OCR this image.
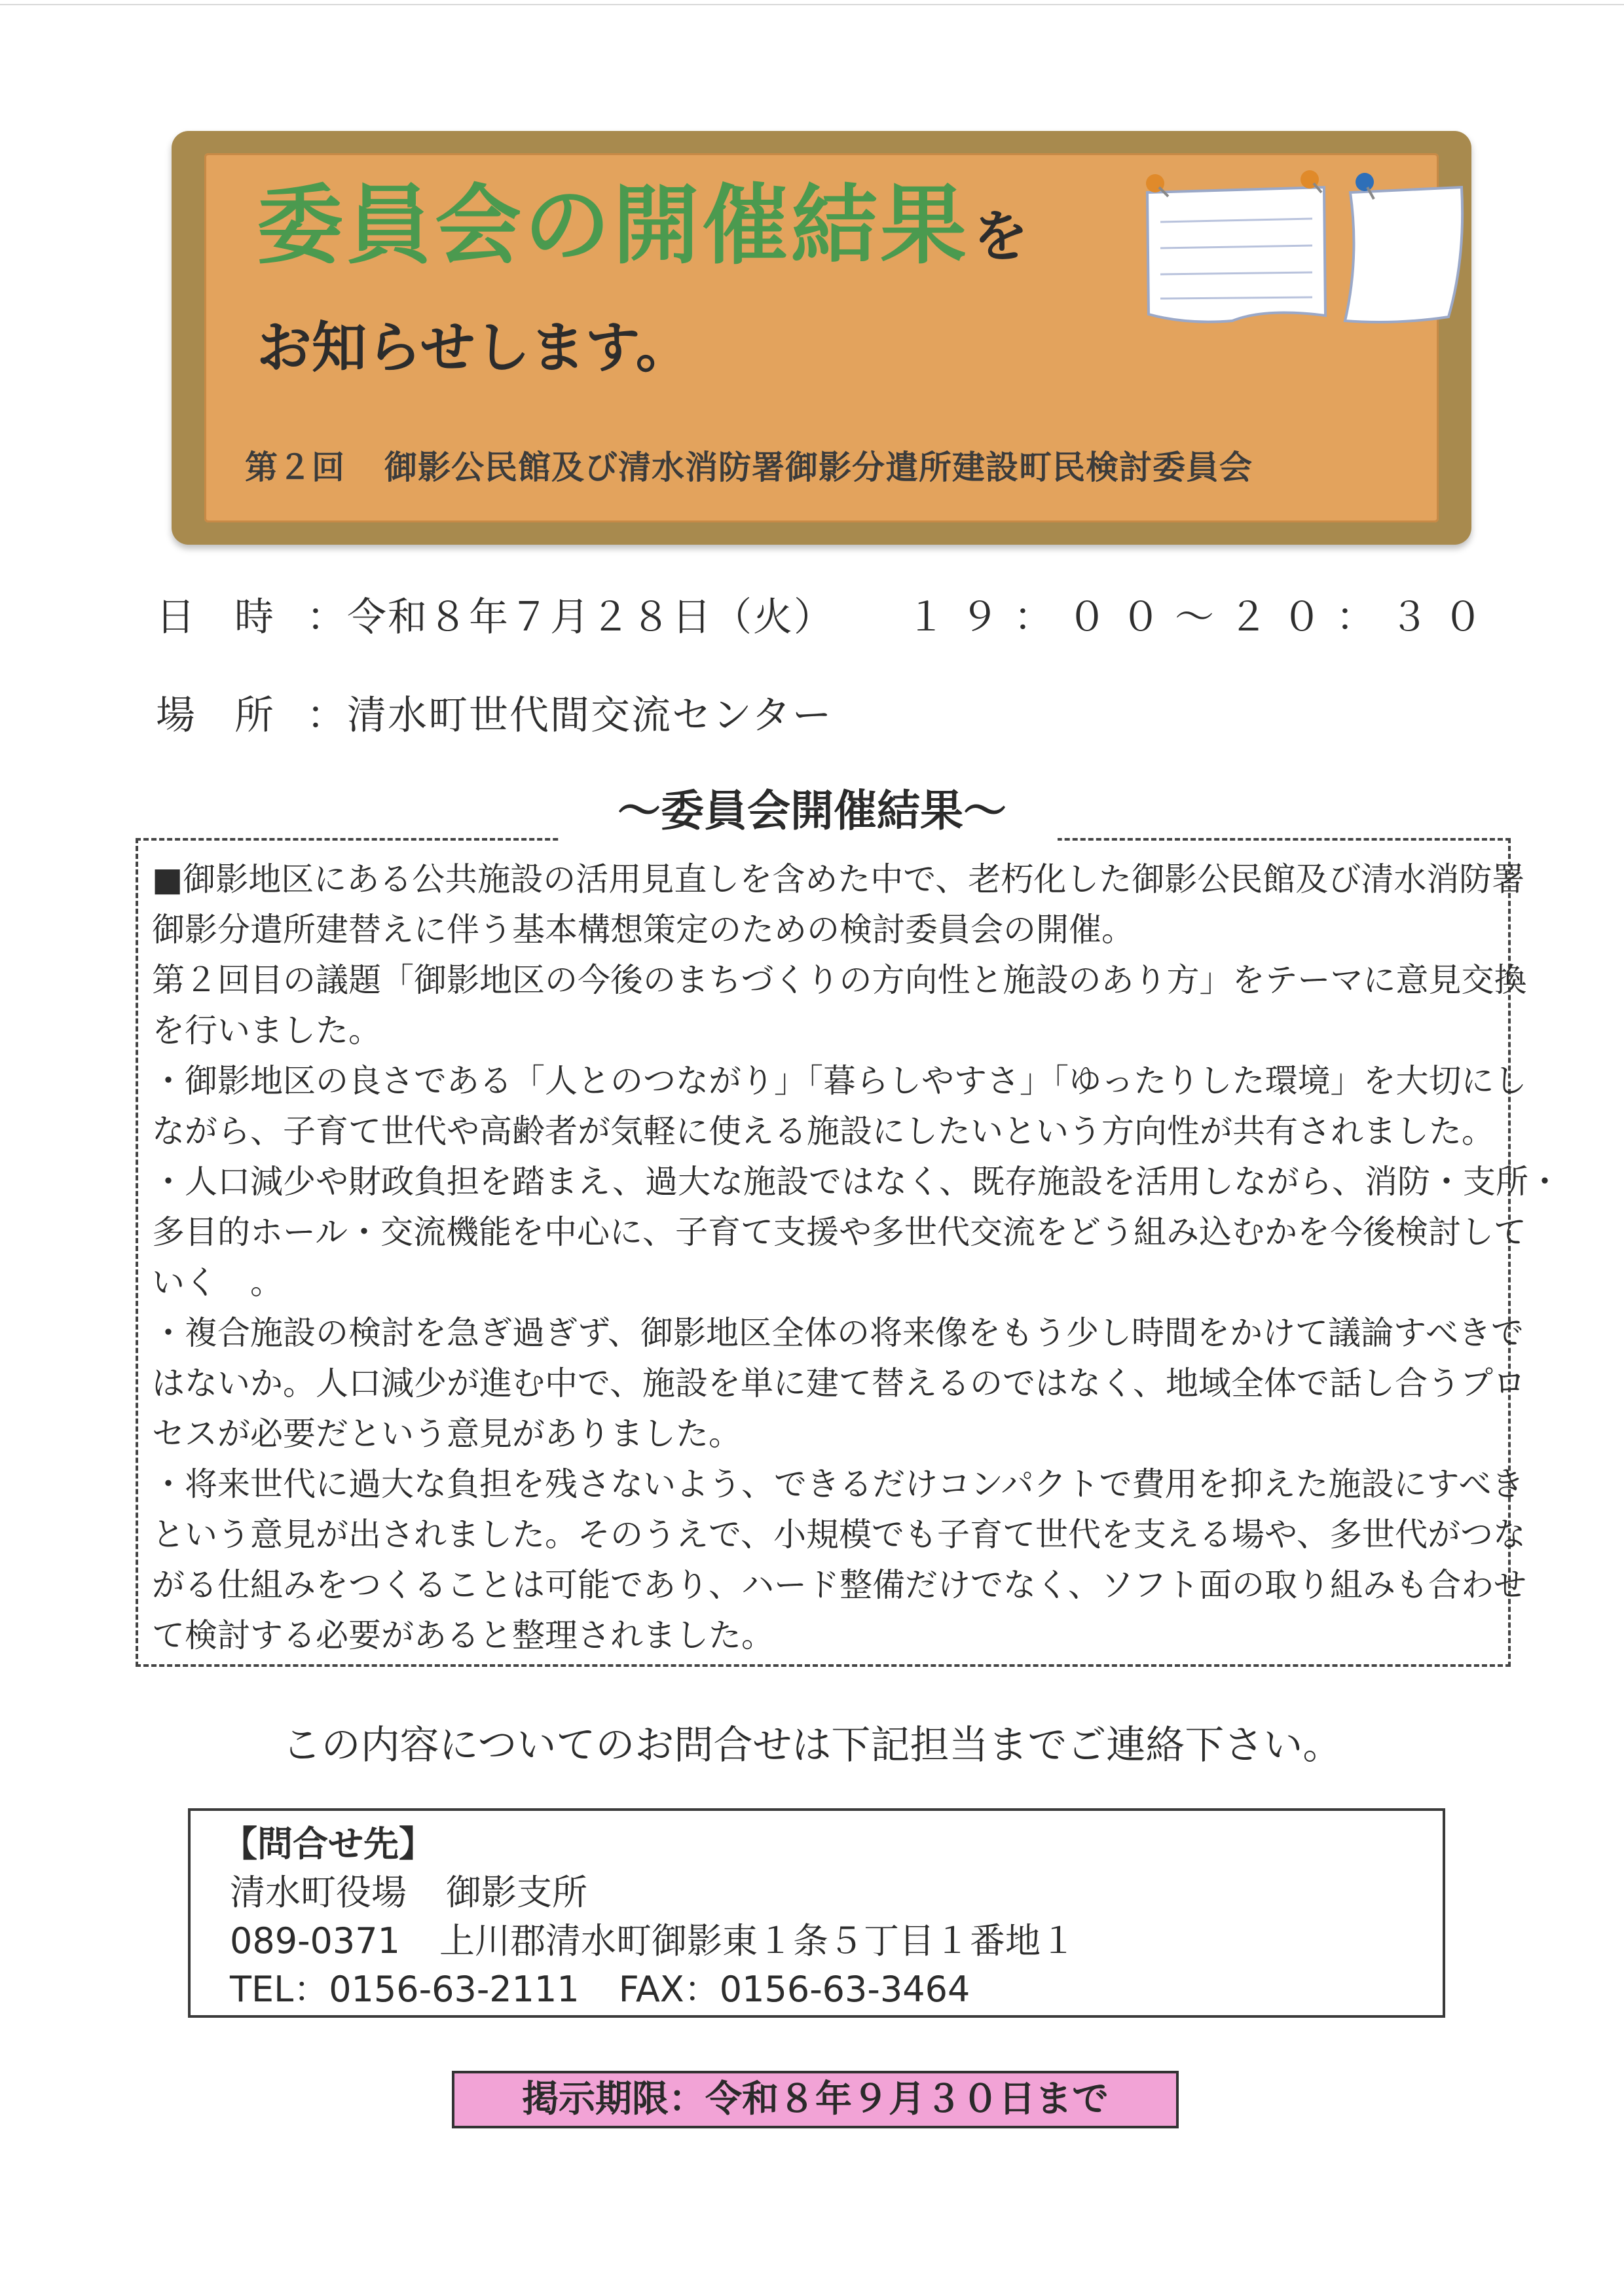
委員会の開催結果を
お知らせします。
第２回 御影公民館及び清水消防署御影分遣所建設町民検討委員会
日時：令和８年７月２８日（火） １９：００～２０：３０
場所：清水町世代間交流センター
～委員会開催結果～

■御影地区にある公共施設の活用見直しを含めた中で、老朽化した御影公民館及び清水消防署

御影分遣所建替えに伴う基本構想策定のための検討委員会の開催。

第２回目の議題「御影地区の今後のまちづくりの方向性と施設のあり方」をテーマに意見交換

を行いました。

・御影地区の良さである「人とのつながり」「暮らしやすさ」「ゆったりした環境」を大切にし

ながら、子育て世代や高齢者が気軽に使える施設にしたいという方向性が共有されました。

・人口減少や財政負担を踏まえ、過大な施設ではなく、既存施設を活用しながら、消防・支所・

多目的ホール・交流機能を中心に、子育て支援や多世代交流をどう組み込むかを今後検討して

いく　。

・複合施設の検討を急ぎ過ぎず、御影地区全体の将来像をもう少し時間をかけて議論すべきで

はないか。人口減少が進む中で、施設を単に建て替えるのではなく、地域全体で話し合うプロ

セスが必要だという意見がありました。

・将来世代に過大な負担を残さないよう、できるだけコンパクトで費用を抑えた施設にすべき

という意見が出されました。そのうえで、小規模でも子育て世代を支える場や、多世代がつな

がる仕組みをつくることは可能であり、ハード整備だけでなく、ソフト面の取り組みも合わせ

て検討する必要があると整理されました。

この内容についてのお問合せは下記担当までご連絡下さい。
【問合せ先】
清水町役場 御影支所
089-0371 上川郡清水町御影東１条５丁目１番地１
TEL：0156-63-2111 FAX：0156-63-3464
掲示期限：令和８年９月３０日まで
